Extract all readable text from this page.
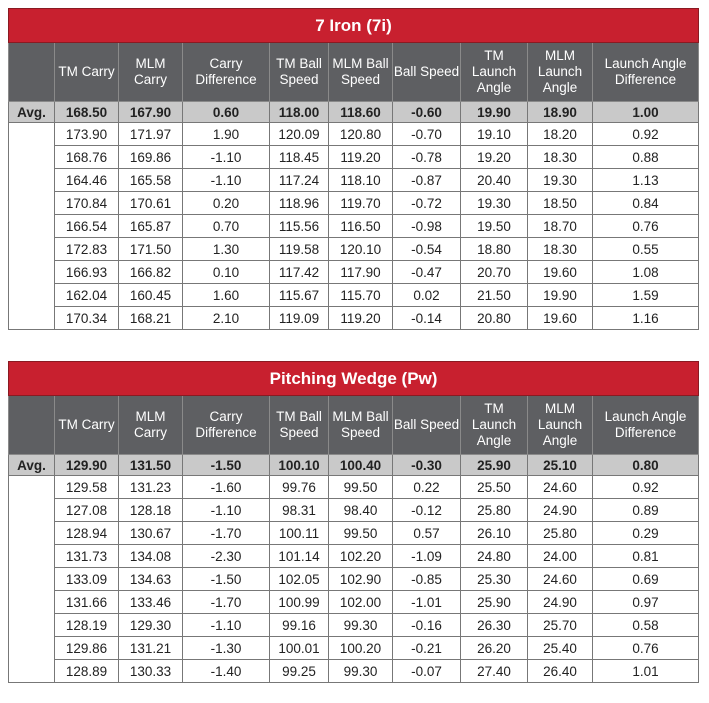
7 Iron (7i)									
	TM Carry	MLM Carry	Carry Difference	TM Ball Speed	MLM Ball Speed	Ball Speed	TM Launch Angle	MLM Launch Angle	Launch Angle Difference
Avg.	168.50	167.90	0.60	118.00	118.60	-0.60	19.90	18.90	1.00
	173.90	171.97	1.90	120.09	120.80	-0.70	19.10	18.20	0.92
	168.76	169.86	-1.10	118.45	119.20	-0.78	19.20	18.30	0.88
	164.46	165.58	-1.10	117.24	118.10	-0.87	20.40	19.30	1.13
	170.84	170.61	0.20	118.96	119.70	-0.72	19.30	18.50	0.84
	166.54	165.87	0.70	115.56	116.50	-0.98	19.50	18.70	0.76
	172.83	171.50	1.30	119.58	120.10	-0.54	18.80	18.30	0.55
	166.93	166.82	0.10	117.42	117.90	-0.47	20.70	19.60	1.08
	162.04	160.45	1.60	115.67	115.70	0.02	21.50	19.90	1.59
	170.34	168.21	2.10	119.09	119.20	-0.14	20.80	19.60	1.16
Pitching Wedge (Pw)									
	TM Carry	MLM Carry	Carry Difference	TM Ball Speed	MLM Ball Speed	Ball Speed	TM Launch Angle	MLM Launch Angle	Launch Angle Difference
Avg.	129.90	131.50	-1.50	100.10	100.40	-0.30	25.90	25.10	0.80
	129.58	131.23	-1.60	99.76	99.50	0.22	25.50	24.60	0.92
	127.08	128.18	-1.10	98.31	98.40	-0.12	25.80	24.90	0.89
	128.94	130.67	-1.70	100.11	99.50	0.57	26.10	25.80	0.29
	131.73	134.08	-2.30	101.14	102.20	-1.09	24.80	24.00	0.81
	133.09	134.63	-1.50	102.05	102.90	-0.85	25.30	24.60	0.69
	131.66	133.46	-1.70	100.99	102.00	-1.01	25.90	24.90	0.97
	128.19	129.30	-1.10	99.16	99.30	-0.16	26.30	25.70	0.58
	129.86	131.21	-1.30	100.01	100.20	-0.21	26.20	25.40	0.76
	128.89	130.33	-1.40	99.25	99.30	-0.07	27.40	26.40	1.01
